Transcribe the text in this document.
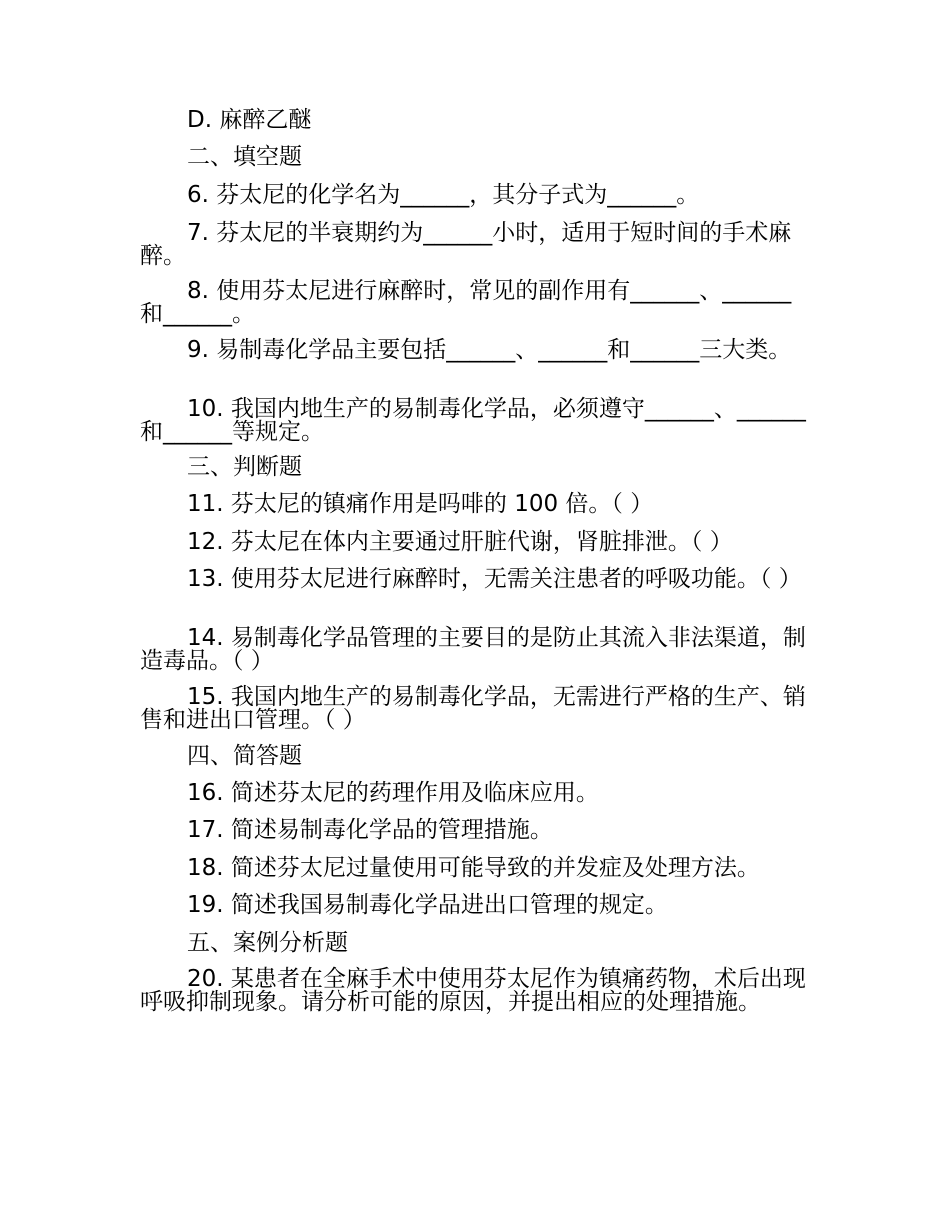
D. 麻醉乙醚
二、填空题
6. 芬太尼的化学名为______，其分子式为______。
7. 芬太尼的半衰期约为______小时，适用于短时间的手术麻醉。
8. 使用芬太尼进行麻醉时，常见的副作用有______、______和______。
9. 易制毒化学品主要包括______、______和______三大类。
10. 我国内地生产的易制毒化学品，必须遵守______、______和______等规定。
三、判断题
11. 芬太尼的镇痛作用是吗啡的 100 倍。（ ）
12. 芬太尼在体内主要通过肝脏代谢，肾脏排泄。（ ）
13. 使用芬太尼进行麻醉时，无需关注患者的呼吸功能。（ ）
14. 易制毒化学品管理的主要目的是防止其流入非法渠道，制造毒品。（ ）
15. 我国内地生产的易制毒化学品，无需进行严格的生产、销售和进出口管理。（ ）
四、简答题
16. 简述芬太尼的药理作用及临床应用。
17. 简述易制毒化学品的管理措施。
18. 简述芬太尼过量使用可能导致的并发症及处理方法。
19. 简述我国易制毒化学品进出口管理的规定。
五、案例分析题
20. 某患者在全麻手术中使用芬太尼作为镇痛药物，术后出现呼吸抑制现象。请分析可能的原因，并提出相应的处理措施。
